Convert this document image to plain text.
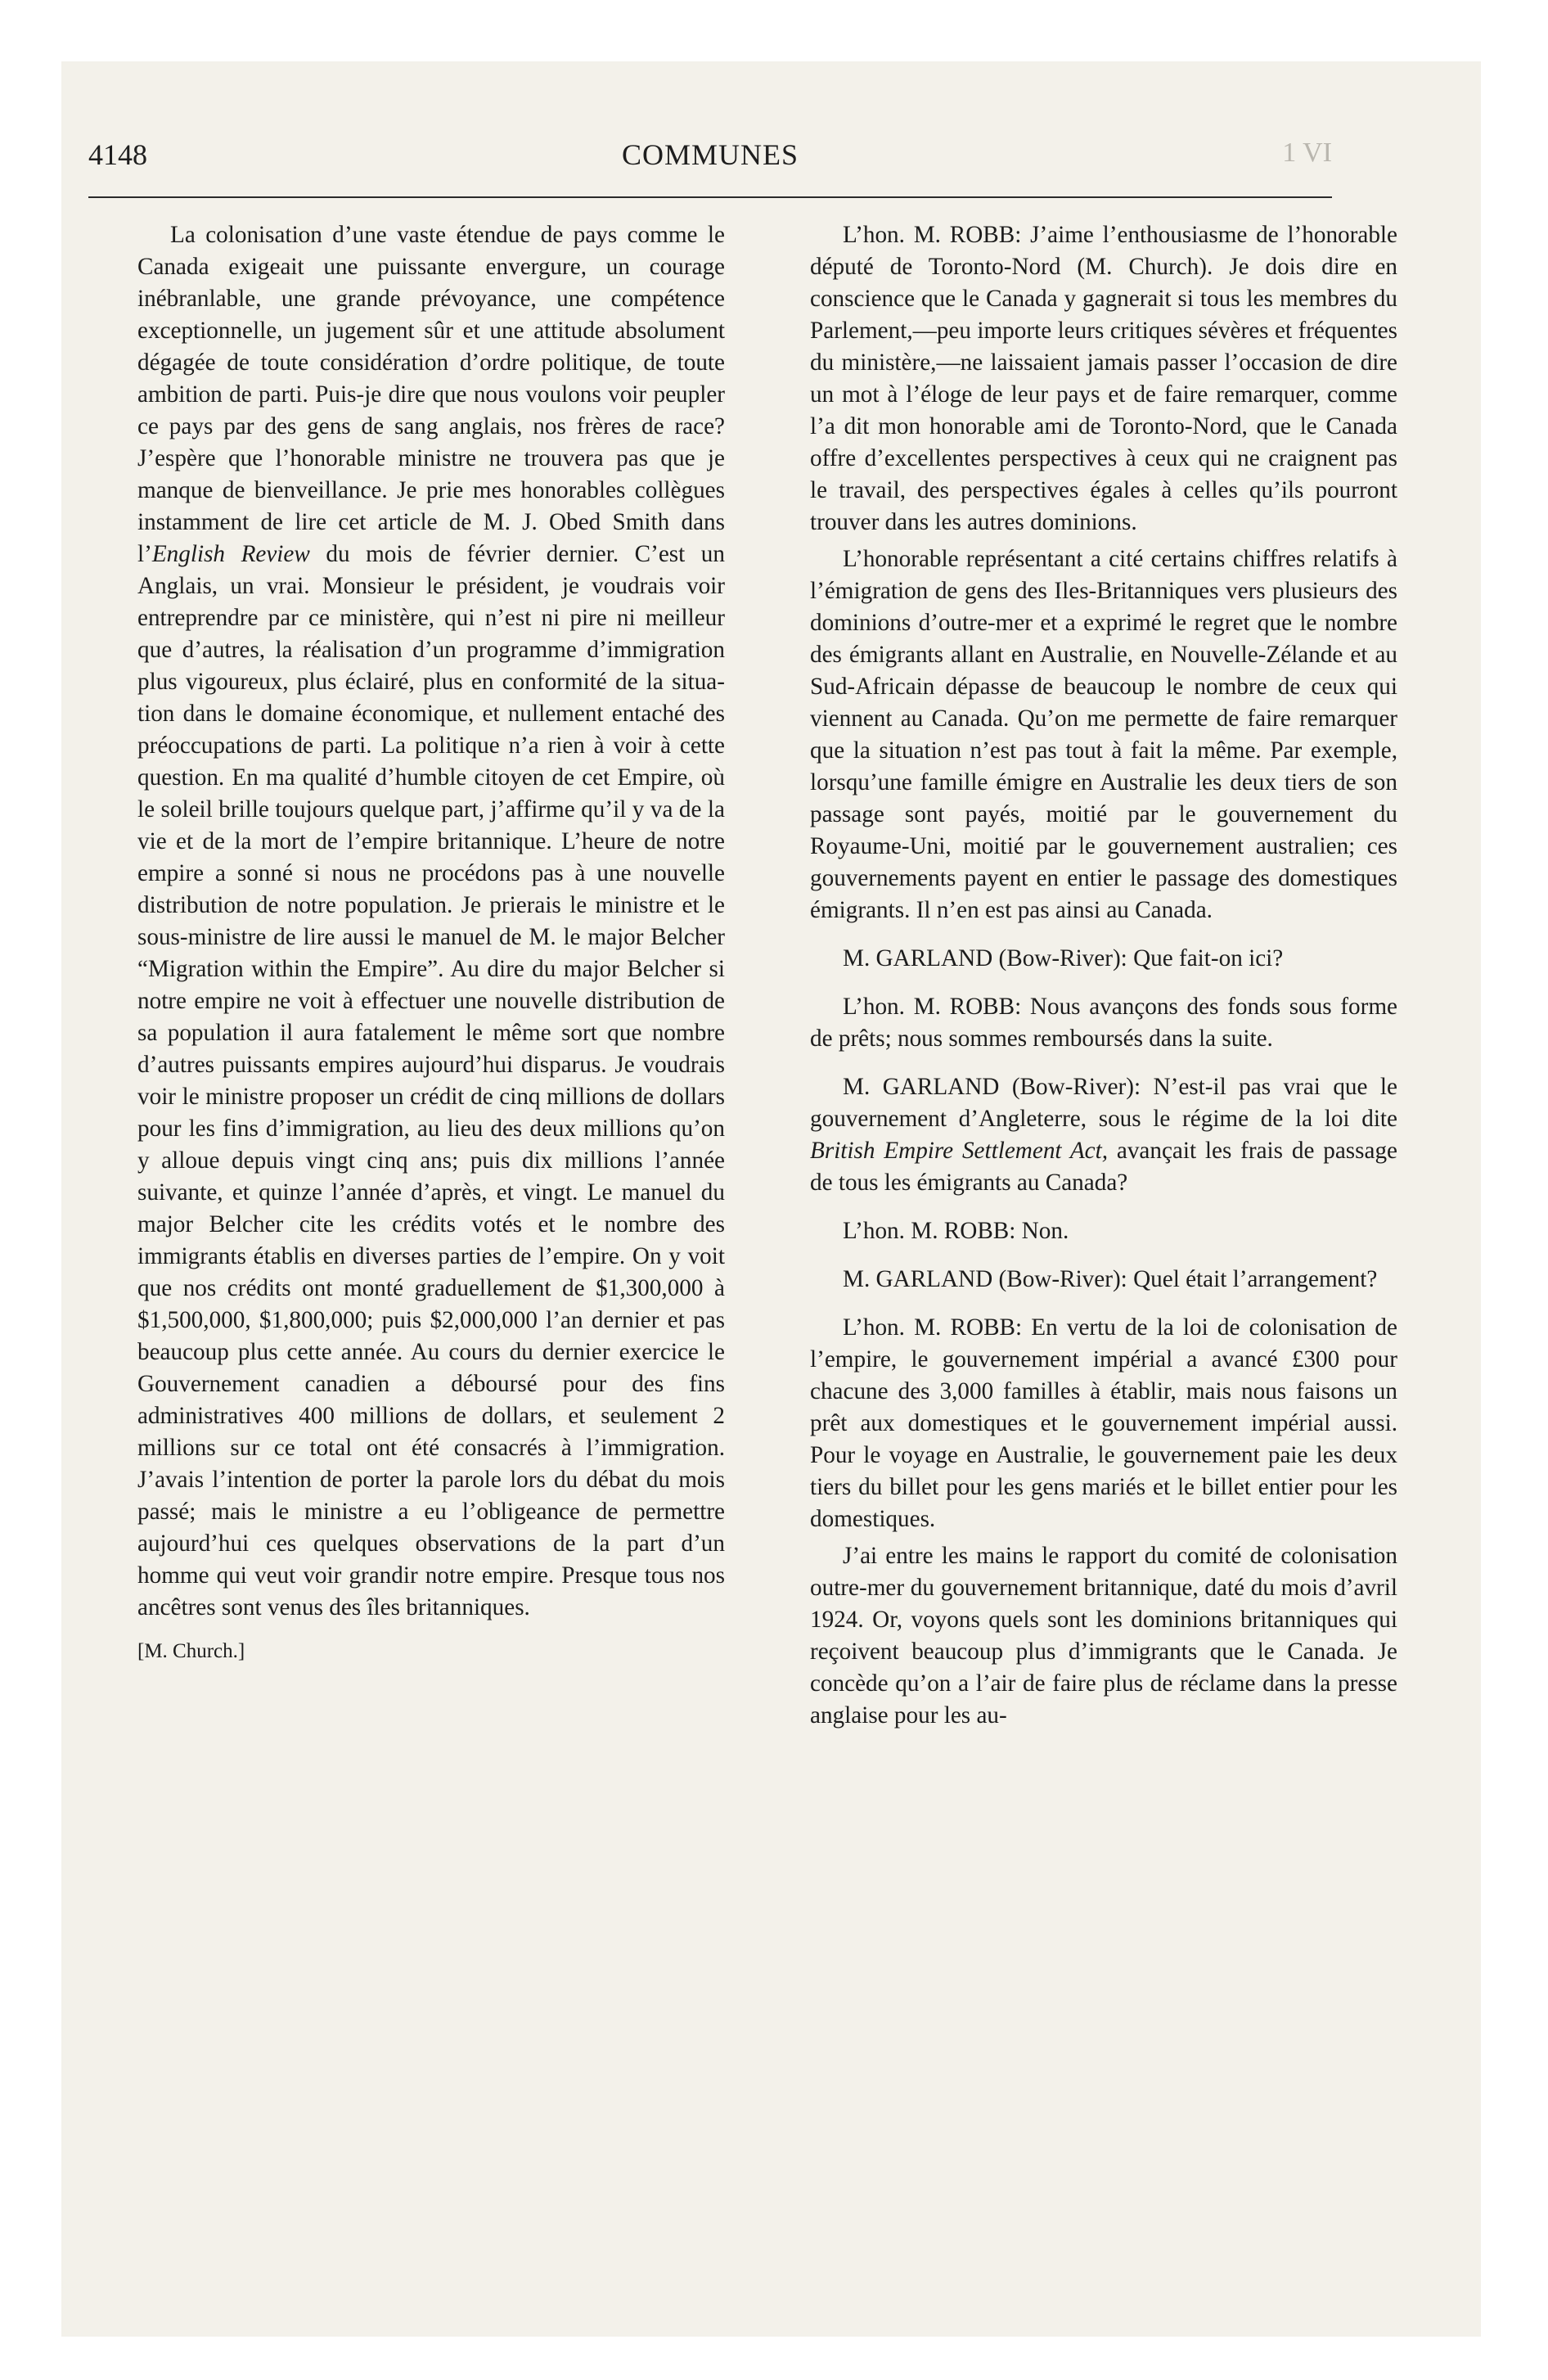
4148	COMMUNES	1 VI

La colonisation d’une vaste étendue de pays comme le Canada exigeait une puissante envergure, un courage inébranlable, une grande prévoyance, une compétence exceptionnelle, un jugement sûr et une attitude absolument dégagée de toute considération d’ordre politique, de toute ambition de parti. Puis-je dire que nous voulons voir peupler ce pays par des gens de sang anglais, nos frères de race? J’espère que l’honorable ministre ne trouvera pas que je manque de bienveillance. Je prie mes honorables collègues instamment de lire cet article de M. J. Obed Smith dans l’English Review du mois de février dernier. C’est un Anglais, un vrai. Monsieur le président, je voudrais voir entreprendre par ce ministère, qui n’est ni pire ni meilleur que d’autres, la réalisation d’un programme d’immigration plus vigoureux, plus éclairé, plus en conformité de la situation dans le domaine économique, et nullement entaché des préoccupations de parti. La politique n’a rien à voir à cette question. En ma qualité d’humble citoyen de cet Empire, où le soleil brille toujours quelque part, j’affirme qu’il y va de la vie et de la mort de l’empire britannique. L’heure de notre empire a sonné si nous ne procédons pas à une nouvelle distribution de notre population. Je prierais le ministre et le sous-ministre de lire aussi le manuel de M. le major Belcher “Migration within the Empire”. Au dire du major Belcher si notre empire ne voit à effectuer une nouvelle distribution de sa population il aura fatalement le même sort que nombre d’autres puissants empires aujourd’hui disparus. Je voudrais voir le ministre proposer un crédit de cinq millions de dollars pour les fins d’immigration, au lieu des deux millions qu’on y alloue depuis vingt cinq ans; puis dix millions l’année suivante, et quinze l’année d’après, et vingt. Le manuel du major Belcher cite les crédits votés et le nombre des immigrants établis en diverses parties de l’empire. On y voit que nos crédits ont monté graduellement de $1,300,000 à $1,500,000, $1,800,000; puis $2,000,000 l’an dernier et pas beaucoup plus cette année. Au cours du dernier exercice le Gouvernement canadien a déboursé pour des fins administratives 400 millions de dollars, et seulement 2 millions sur ce total ont été consacrés à l’immigration. J’avais l’intention de porter la parole lors du débat du mois passé; mais le ministre a eu l’obligeance de permettre aujourd’hui ces quelques observations de la part d’un homme qui veut voir grandir notre empire. Presque tous nos ancêtres sont venus des îles britanniques.

[M. Church.]

L’hon. M. ROBB: J’aime l’enthousiasme de l’honorable député de Toronto-Nord (M. Church). Je dois dire en conscience que le Canada y gagnerait si tous les membres du Parlement,—peu importe leurs critiques sévères et fréquentes du ministère,—ne laissaient jamais passer l’occasion de dire un mot à l’éloge de leur pays et de faire remarquer, comme l’a dit mon honorable ami de Toronto-Nord, que le Canada offre d’excellentes perspectives à ceux qui ne craignent pas le travail, des perspectives égales à celles qu’ils pourront trouver dans les autres dominions.

L’honorable représentant a cité certains chiffres relatifs à l’émigration de gens des Iles-Britanniques vers plusieurs des dominions d’outre-mer et a exprimé le regret que le nombre des émigrants allant en Australie, en Nouvelle-Zélande et au Sud-Africain dépasse de beaucoup le nombre de ceux qui viennent au Canada. Qu’on me permette de faire remarquer que la situation n’est pas tout à fait la même. Par exemple, lorsqu’une famille émigre en Australie les deux tiers de son passage sont payés, moitié par le gouvernement du Royaume-Uni, moitié par le gouvernement australien; ces gouvernements payent en entier le passage des domestiques émigrants. Il n’en est pas ainsi au Canada.

M. GARLAND (Bow-River): Que fait-on ici?

L’hon. M. ROBB: Nous avançons des fonds sous forme de prêts; nous sommes remboursés dans la suite.

M. GARLAND (Bow-River): N’est-il pas vrai que le gouvernement d’Angleterre, sous le régime de la loi dite British Empire Settlement Act, avançait les frais de passage de tous les émigrants au Canada?

L’hon. M. ROBB: Non.

M. GARLAND (Bow-River): Quel était l’arrangement?

L’hon. M. ROBB: En vertu de la loi de colonisation de l’empire, le gouvernement impérial a avancé £300 pour chacune des 3,000 familles à établir, mais nous faisons un prêt aux domestiques et le gouvernement impérial aussi. Pour le voyage en Australie, le gouvernement paie les deux tiers du billet pour les gens mariés et le billet entier pour les domestiques.

J’ai entre les mains le rapport du comité de colonisation outre-mer du gouvernement britannique, daté du mois d’avril 1924. Or, voyons quels sont les dominions britanniques qui reçoivent beaucoup plus d’immigrants que le Canada. Je concède qu’on a l’air de faire plus de réclame dans la presse anglaise pour les au-
